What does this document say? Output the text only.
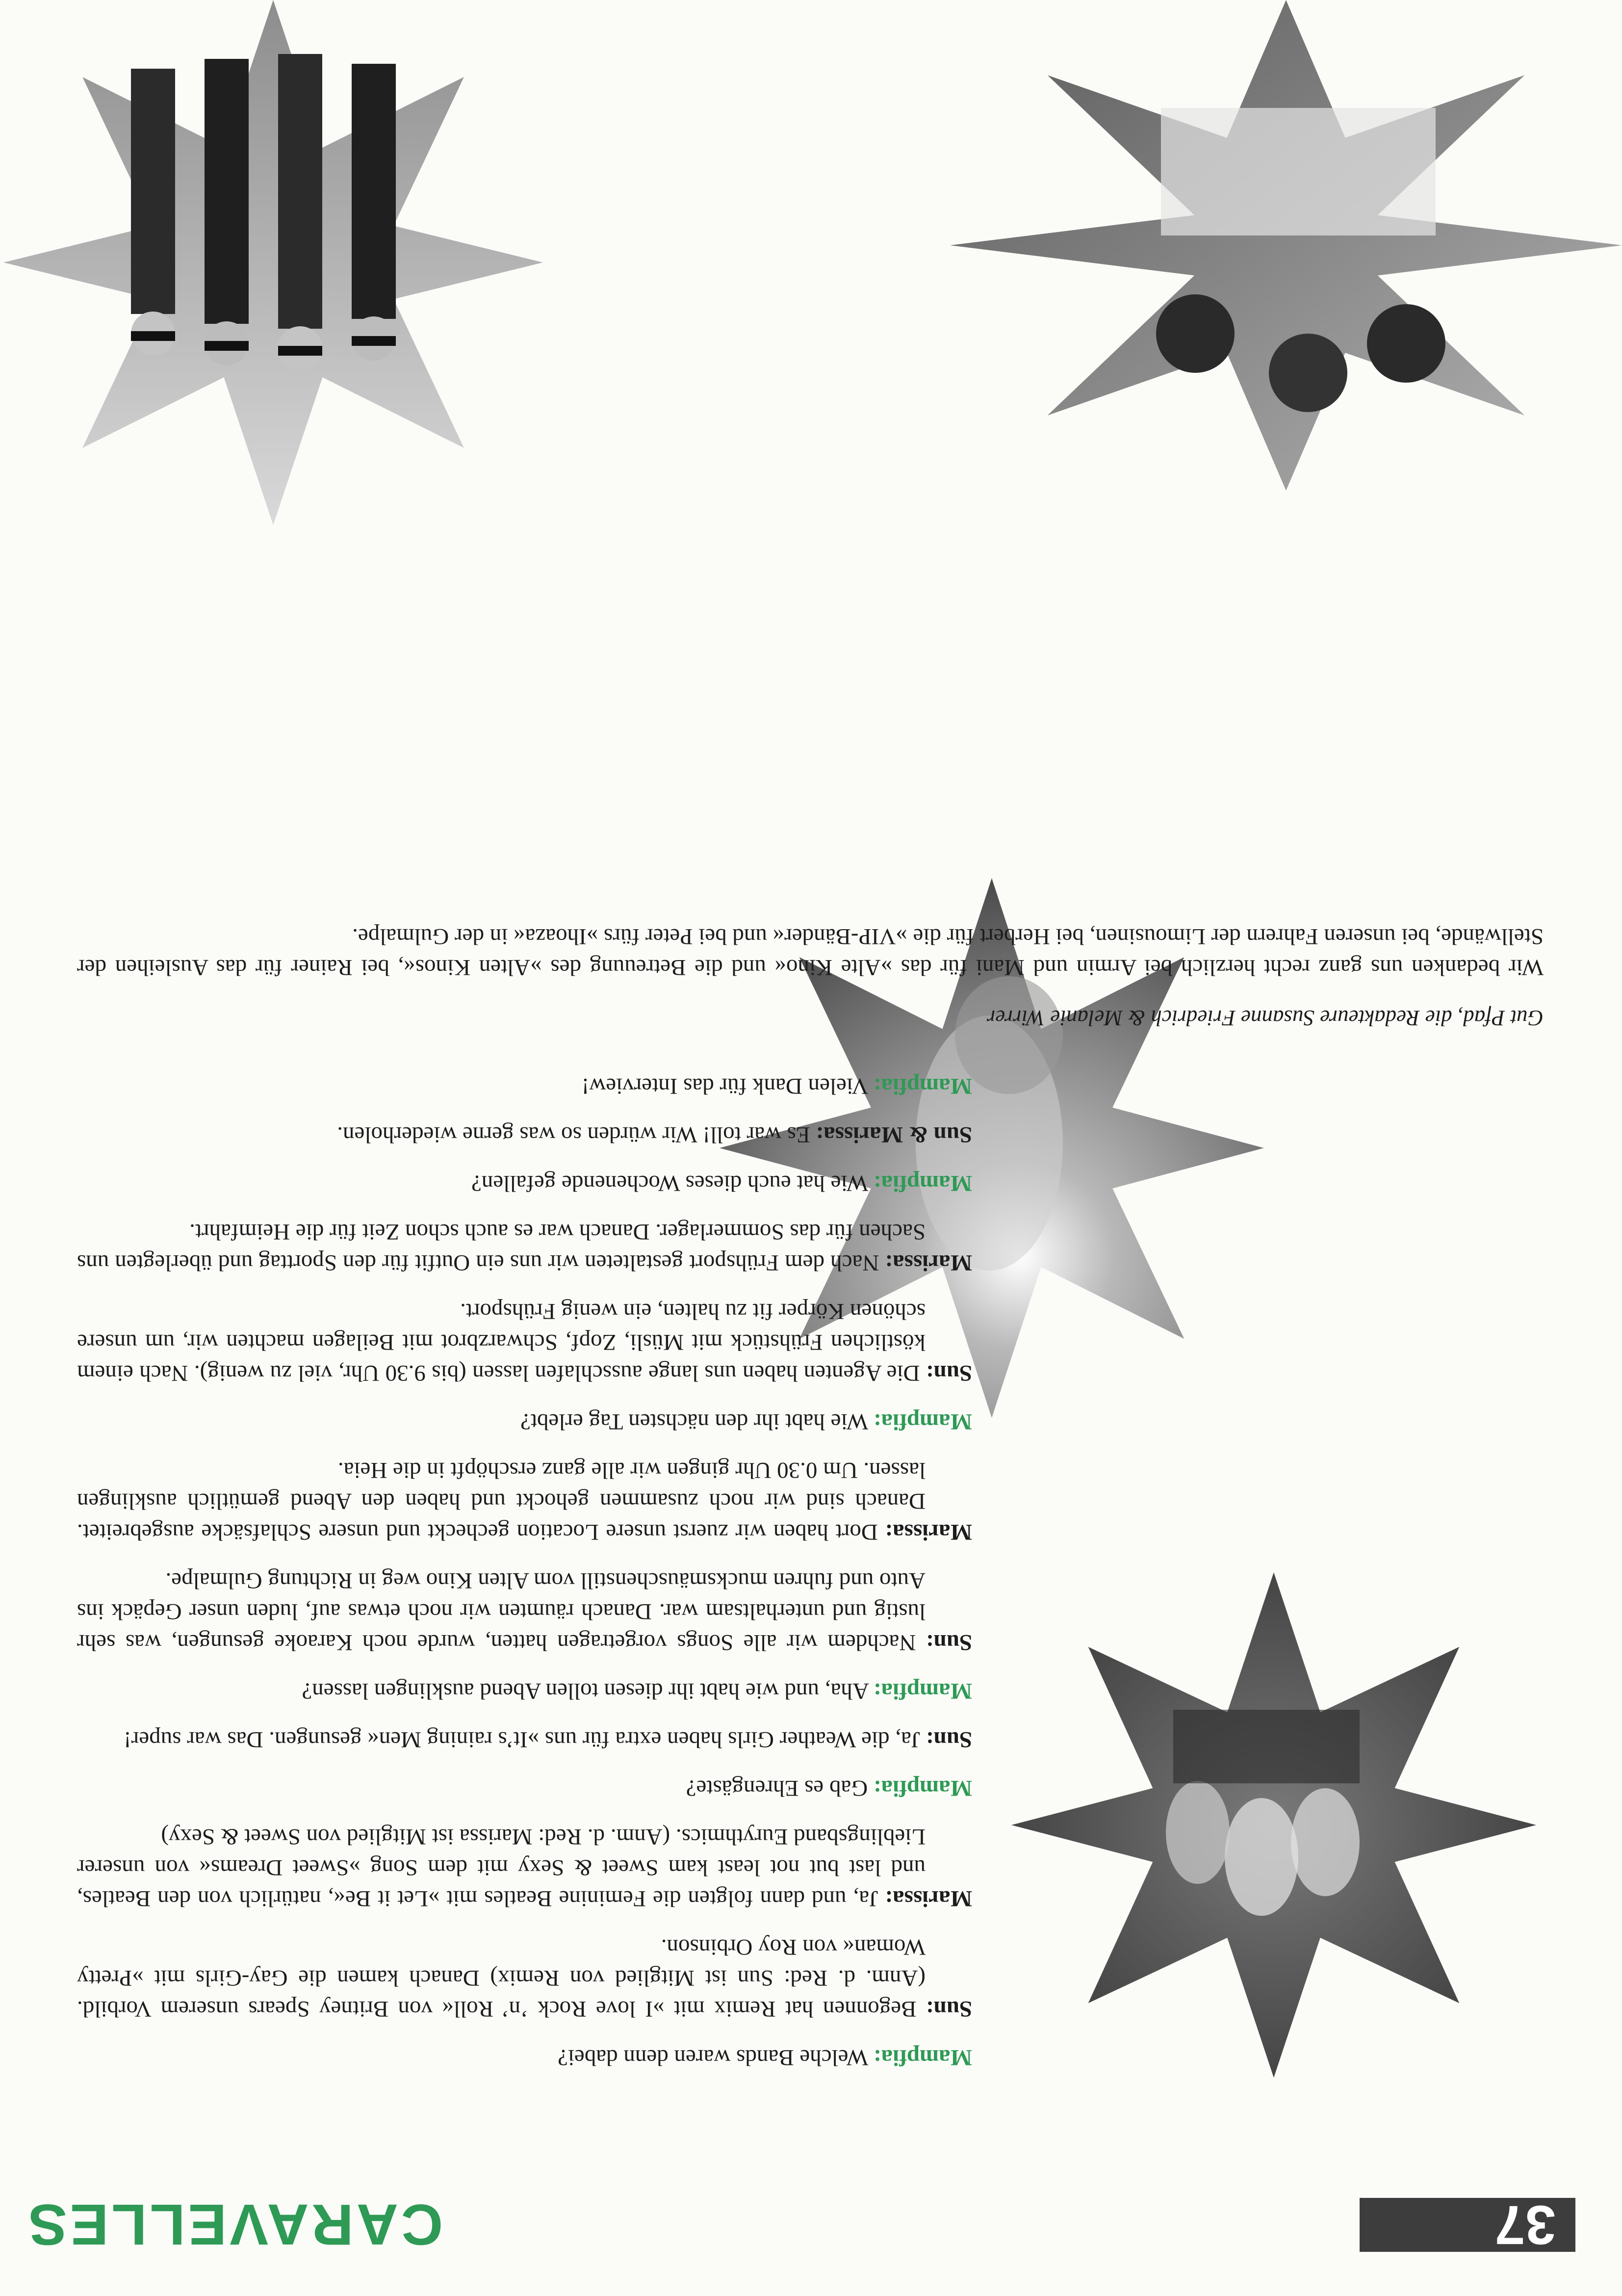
37
CARAVELLES

Mampfia: Welche Bands waren denn dabei?

Sun: Begonnen hat Remix mit »I love Rock ’n’ Roll« von Britney Spears unserem Vorbild. (Anm. d. Red: Sun ist Mitglied von Remix) Danach kamen die Gay-Girls mit »Pretty Woman« von Roy Orbinson.

Marissa: Ja, und dann folgten die Feminine Beatles mit »Let it Be«, natürlich von den Beatles, und last but not least kam Sweet & Sexy mit dem Song »Sweet Dreams« von unserer Lieblingsband Eurythmics. (Anm. d. Red: Marissa ist Mitglied von Sweet & Sexy)

Mampfia: Gab es Ehrengäste?

Sun: Ja, die Weather Girls haben extra für uns »It’s raining Men« gesungen. Das war super!

Mampfia: Aha, und wie habt ihr diesen tollen Abend ausklingen lassen?

Sun: Nachdem wir alle Songs vorgetragen hatten, wurde noch Karaoke gesungen, was sehr lustig und unterhaltsam war. Danach räumten wir noch etwas auf, luden unser Gepäck ins Auto und fuhren mucksmäuschenstill vom Alten Kino weg in Richtung Gulmalpe.

Marissa: Dort haben wir zuerst unsere Location gecheckt und unsere Schlafsäcke ausgebreitet. Danach sind wir noch zusammen gehockt und haben den Abend gemütlich ausklingen lassen. Um 0.30 Uhr gingen wir alle ganz erschöpft in die Heia.

Mampfia: Wie habt ihr den nächsten Tag erlebt?

Sun: Die Agenten haben uns lange ausschlafen lassen (bis 9.30 Uhr, viel zu wenig). Nach einem köstlichen Frühstück mit Müsli, Zopf, Schwarzbrot mit Beilagen machten wir, um unsere schönen Körper fit zu halten, ein wenig Frühsport.

Marissa: Nach dem Frühsport gestalteten wir uns ein Outfit für den Sporttag und überlegten uns Sachen für das Sommerlager. Danach war es auch schon Zeit für die Heimfahrt.

Mampfia: Wie hat euch dieses Wochenende gefallen?

Sun & Marissa: Es war toll! Wir würden so was gerne wiederholen.

Mampfia: Vielen Dank für das Interview!

Gut Pfad, die Redakteure Susanne Friedrich & Melanie Wirrer
Wir bedanken uns ganz recht herzlich bei Armin und Mani für das »Alte Kino« und die Betreuung des »Alten Kinos«, bei Rainer für das Ausleihen der Stellwände, bei unseren Fahrern der Limousinen, bei Herbert für die »VIP-Bänder« und bei Peter fürs »Ihoaza« in der Gulmalpe.
